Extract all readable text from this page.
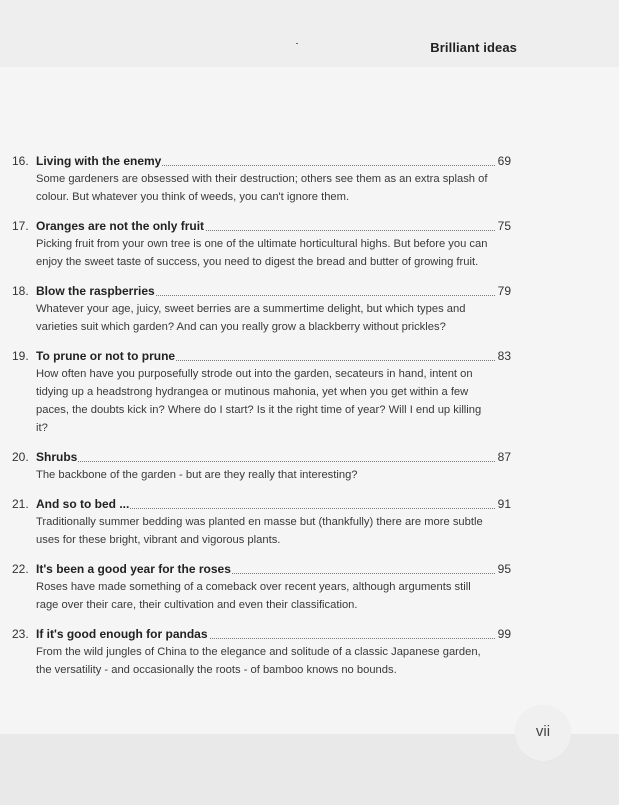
Brilliant ideas
16. Living with the enemy	69
Some gardeners are obsessed with their destruction; others see them as an extra splash of colour. But whatever you think of weeds, you can't ignore them.
17. Oranges are not the only fruit	75
Picking fruit from your own tree is one of the ultimate horticultural highs. But before you can enjoy the sweet taste of success, you need to digest the bread and butter of growing fruit.
18. Blow the raspberries	79
Whatever your age, juicy, sweet berries are a summertime delight, but which types and varieties suit which garden? And can you really grow a blackberry without prickles?
19. To prune or not to prune	83
How often have you purposefully strode out into the garden, secateurs in hand, intent on tidying up a headstrong hydrangea or mutinous mahonia, yet when you get within a few paces, the doubts kick in? Where do I start? Is it the right time of year? Will I end up killing it?
20. Shrubs	87
The backbone of the garden - but are they really that interesting?
21. And so to bed ...	91
Traditionally summer bedding was planted en masse but (thankfully) there are more subtle uses for these bright, vibrant and vigorous plants.
22. It's been a good year for the roses	95
Roses have made something of a comeback over recent years, although arguments still rage over their care, their cultivation and even their classification.
23. If it's good enough for pandas	99
From the wild jungles of China to the elegance and solitude of a classic Japanese garden, the versatility - and occasionally the roots - of bamboo knows no bounds.
vii
